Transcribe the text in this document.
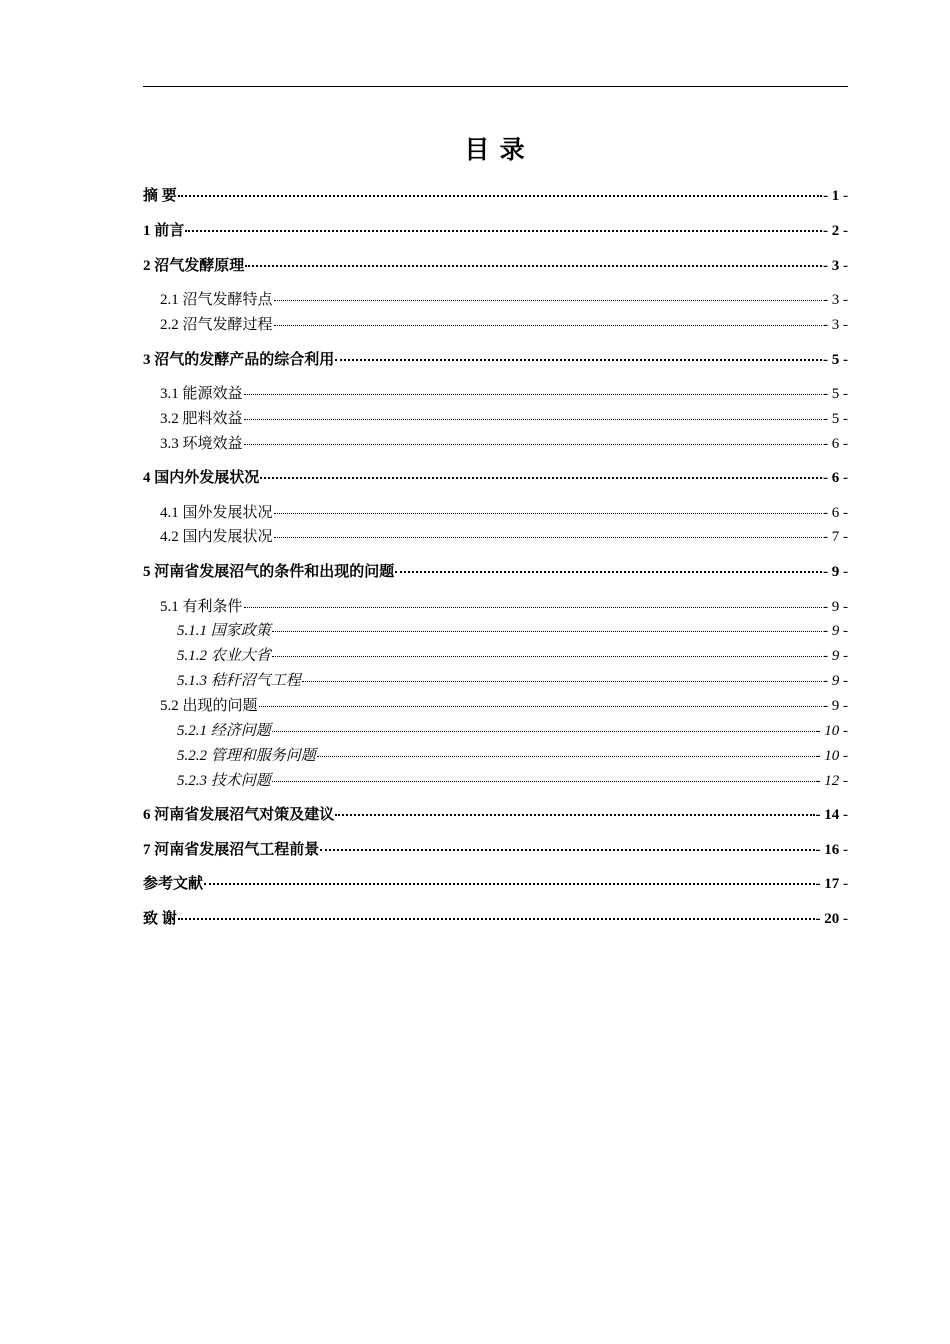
目 录
摘 要	- 1 -
1 前言	- 2 -
2 沼气发酵原理	- 3 -
2.1 沼气发酵特点	- 3 -
2.2 沼气发酵过程	- 3 -
3 沼气的发酵产品的综合利用	- 5 -
3.1 能源效益	- 5 -
3.2 肥料效益	- 5 -
3.3 环境效益	- 6 -
4 国内外发展状况	- 6 -
4.1 国外发展状况	- 6 -
4.2 国内发展状况	- 7 -
5 河南省发展沼气的条件和出现的问题	- 9 -
5.1 有利条件	- 9 -
5.1.1 国家政策	- 9 -
5.1.2 农业大省	- 9 -
5.1.3 秸秆沼气工程	- 9 -
5.2 出现的问题	- 9 -
5.2.1 经济问题	- 10 -
5.2.2 管理和服务问题	- 10 -
5.2.3 技术问题	- 12 -
6 河南省发展沼气对策及建议	- 14 -
7 河南省发展沼气工程前景	- 16 -
参考文献	- 17 -
致 谢	- 20 -
